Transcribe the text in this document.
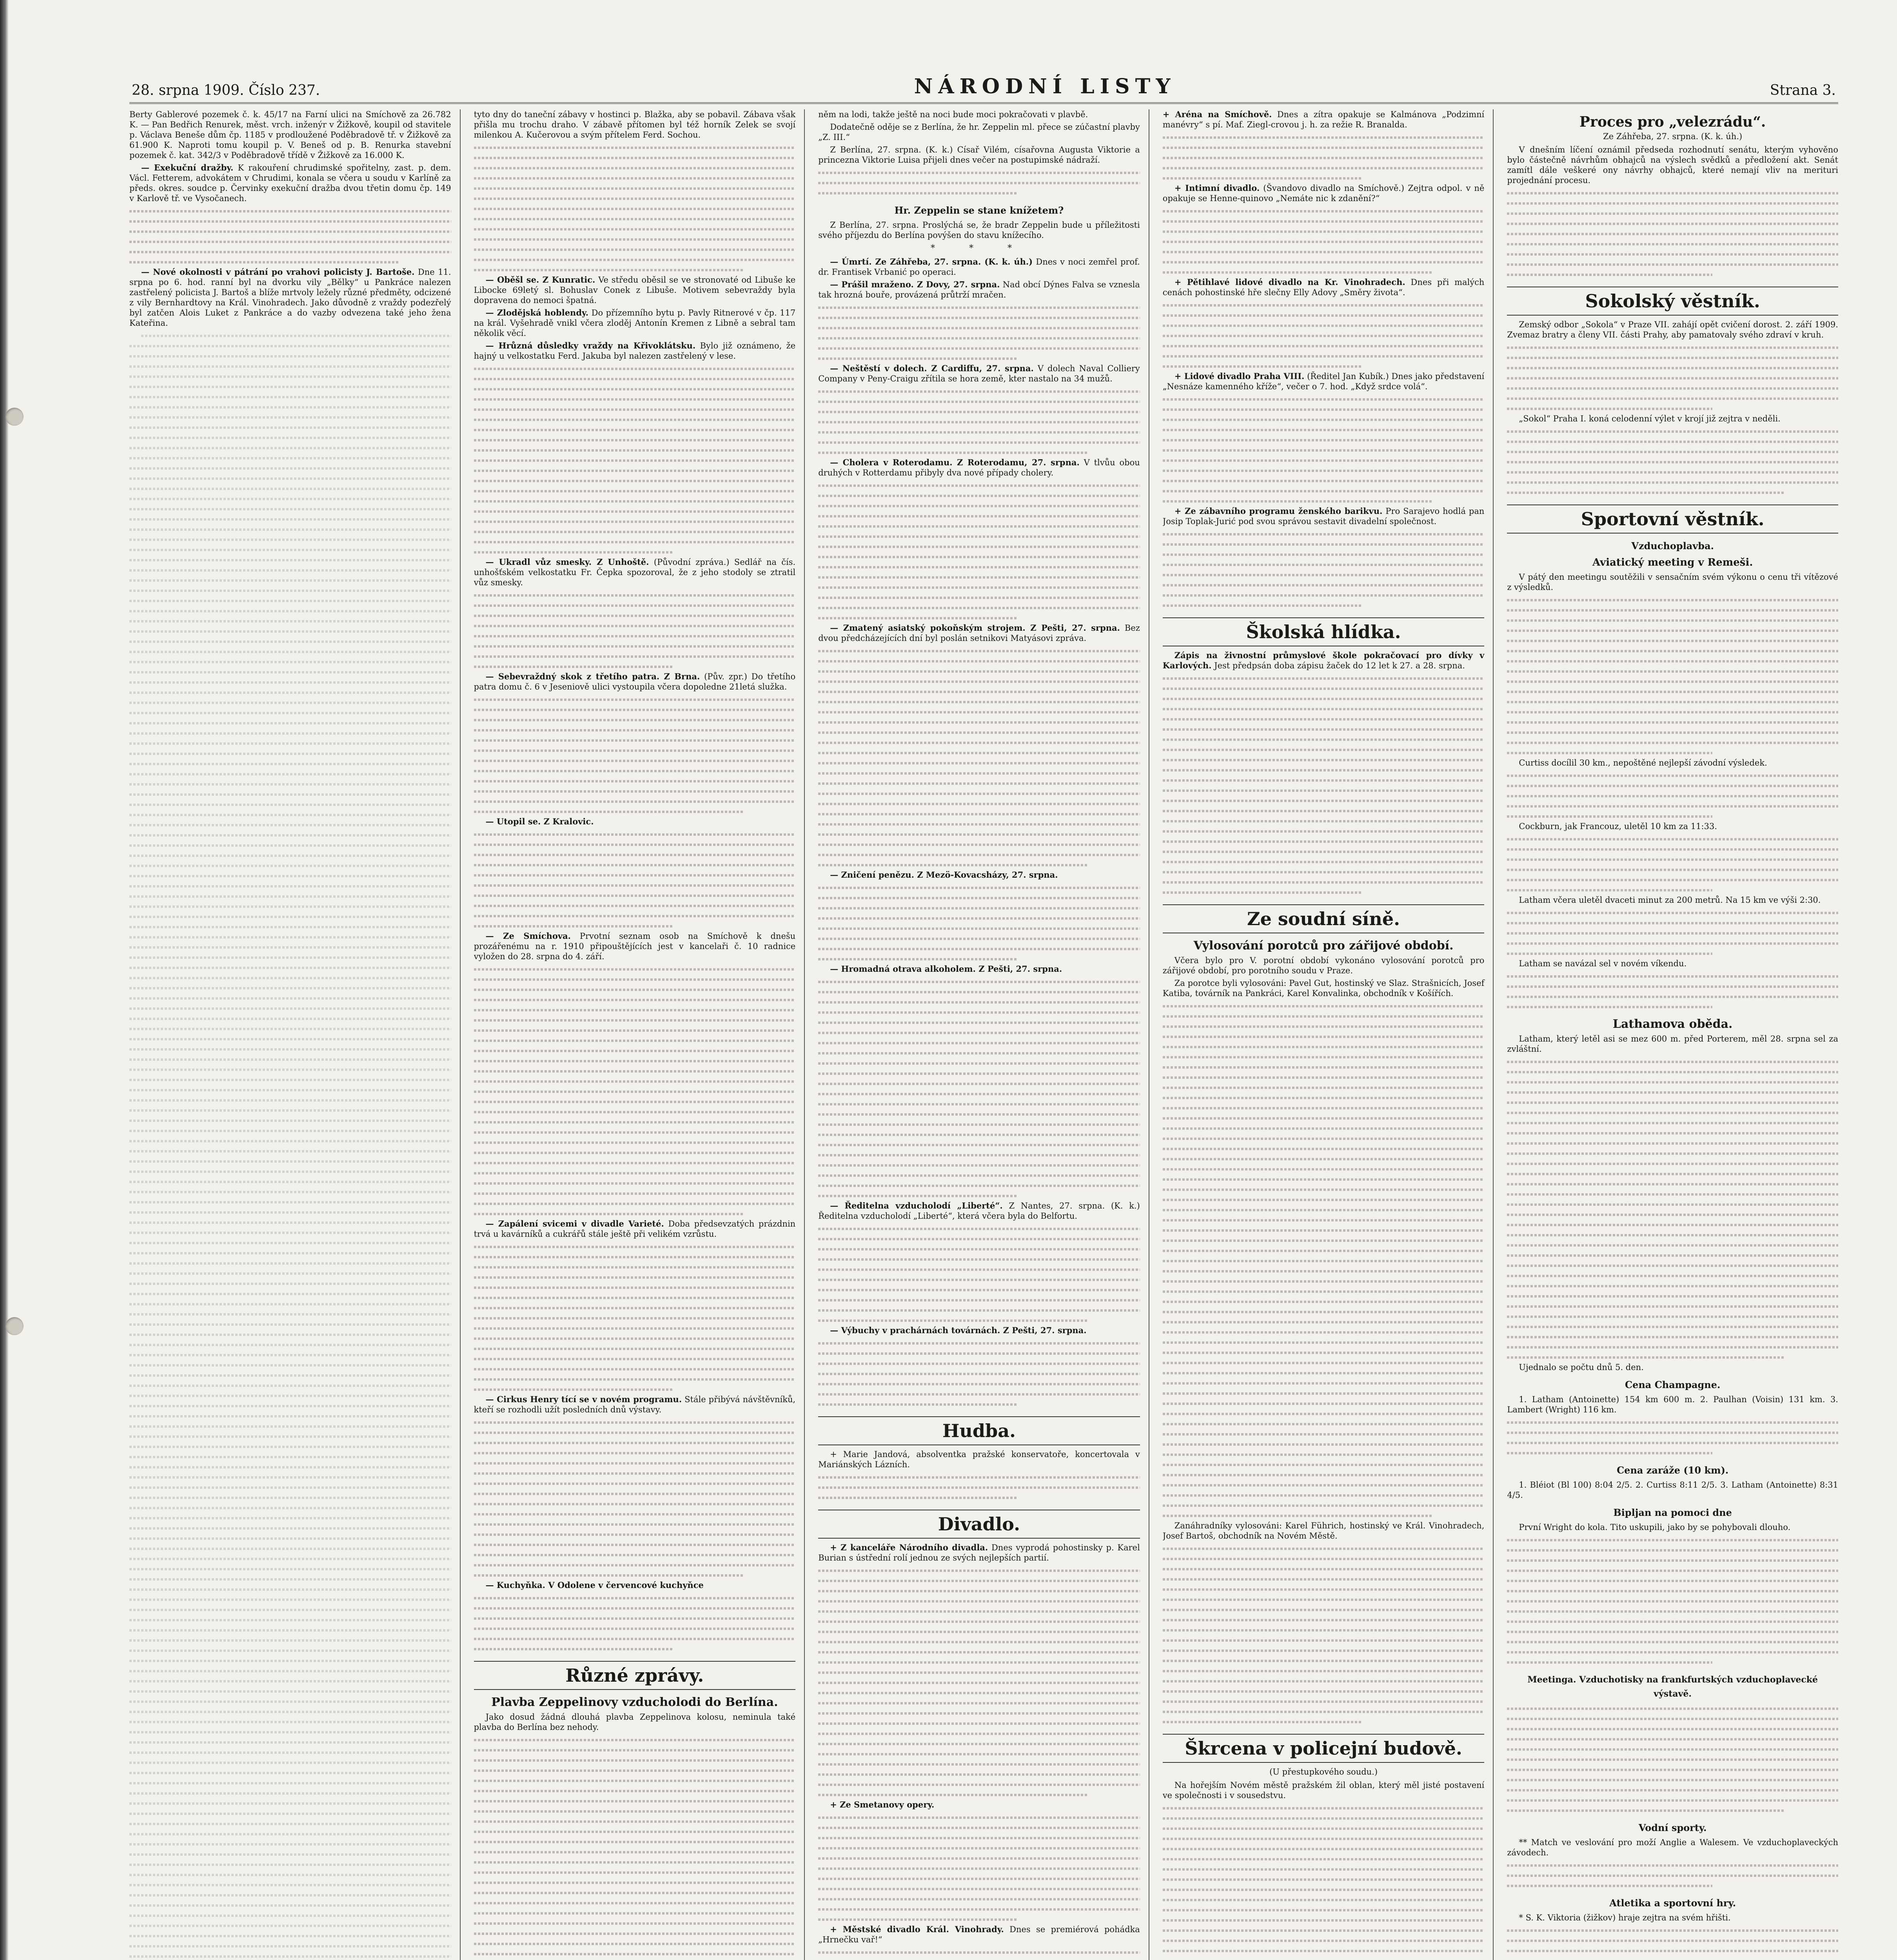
28. srpna 1909. Číslo 237.	NÁRODNÍ LISTY	Strana 3.

Berty Gablerové pozemek č. k. 45/17 na Farní ulici na Smíchově za 26.782 K. — Pan Bedřich Renurek, měst. vrch. inženýr v Žižkově, koupil od stavitele p. Václava Beneše dům čp. 1185 v prodloužené Poděbradově tř. v Žižkově za 61.900 K. Naproti tomu koupil p. V. Beneš od p. B. Renurka stavební pozemek č. kat. 342/3 v Poděbradově třídě v Žižkově za 16.000 K.

— Exekuční dražby. K rakouření chrudimské spořitelny, zast. p. dem. Václ. Fetterem, advokátem v Chrudimi, konala se včera u soudu v Karlíně za předs. okres. soudce p. Červinky exekuční dražba dvou třetin domu čp. 149 v Karlově tř. ve Vysočanech.

— Nové okolnosti v pátrání po vrahovi policisty J. Bartoše. Dne 11. srpna po 6. hod. ranní byl na dvorku vily „Bělky“ u Pankráce nalezen zastřelený policista J. Bartoš a blíže mrtvoly ležely různé předměty, odcizené z vily Bernhardtovy na Král. Vinohradech. Jako důvodně z vraždy podezřelý byl zatčen Alois Luket z Pankráce a do vazby odvezena také jeho žena Kateřina.

tyto dny do taneční zábavy v hostinci p. Blažka, aby se pobavil. Zábava však přišla mu trochu draho. V zábavě přítomen byl též horník Zelek se svojí milenkou A. Kučerovou a svým přítelem Ferd. Sochou.

— Oběšl se. Z Kunratic. Ve středu oběsil se ve stronovaté od Libuše ke Libocke 69letý sl. Bohuslav Conek z Libuše. Motivem sebevraždy byla dopravena do nemoci špatná.

— Zlodějská hoblendy. Do přízemního bytu p. Pavly Ritnerové v čp. 117 na král. Vyšehradě vnikl včera zloděj Antonín Kremen z Libně a sebral tam několik věcí.

— Hrůzná důsledky vraždy na Křivoklátsku. Bylo již oznámeno, že hajný u velkostatku Ferd. Jakuba byl nalezen zastřelený v lese.

— Ukradl vůz smesky. Z Unhoště. (Původní zpráva.) Sedlář na čís. unhošťském velkostatku Fr. Čepka spozoroval, že z jeho stodoly se ztratil vůz smesky.

— Sebevraždný skok z třetího patra. Z Brna. (Pův. zpr.) Do třetího patra domu č. 6 v Jeseniově ulici vystoupila včera dopoledne 21letá služka.

— Utopil se. Z Kralovic.

— Ze Smíchova. Prvotní seznam osob na Smíchově k dnešu prozářenému na r. 1910 připouštějících jest v kancelaři č. 10 radnice vyložen do 28. srpna do 4. září.

— Zapálení svicemi v divadle Varieté. Doba předsevzatých prázdnin trvá u kavárníků a cukrářů stále ještě při velikém vzrůstu.

— Cirkus Henry tící se v novém programu. Stále přibývá návštěvníků, kteří se rozhodli užít posledních dnů výstavy.

— Kuchyňka. V Odolene v červencové kuchyňce

Různé zprávy.
Plavba Zeppelinovy vzducholodi do Berlína.

Jako dosud žádná dlouhá plavba Zeppelinova kolosu, neminula také plavba do Berlína bez nehody.

něm na lodi, takže ještě na noci bude moci pokračovati v plavbě.

Dodatečně oděje se z Berlína, že hr. Zeppelin ml. přece se zúčastní plavby „Z. III.“

Z Berlína, 27. srpna. (K. k.) Císař Vilém, císařovna Augusta Viktorie a princezna Viktorie Luisa přijeli dnes večer na postupimské nádraží.

Hr. Zeppelin se stane knížetem?

Z Berlína, 27. srpna. Proslýchá se, že bradr Zeppelin bude u příležitosti svého příjezdu do Berlína povýšen do stavu knížecího.

* * *

— Úmrtí. Ze Záhřeba, 27. srpna. (K. k. úh.) Dnes v noci zemřel prof. dr. Frantisek Vrbanić po operaci.

— Prášil mraženo. Z Dovy, 27. srpna. Nad obcí Dýnes Falva se vznesla tak hrozná bouře, provázená průtrží mračen.

— Neštěstí v dolech. Z Cardiffu, 27. srpna. V dolech Naval Colliery Company v Peny-Craigu zřítila se hora země, kter nastalo na 34 mužů.

— Cholera v Roterodamu. Z Roterodamu, 27. srpna. V tlvůu obou druhých v Rotterdamu přibyly dva nové případy cholery.

— Zmatený asiatský pokoňským strojem. Z Pešti, 27. srpna. Bez dvou předcházejících dní byl poslán setnikovi Matyásovi zpráva.

— Zničení penězu. Z Mezö-Kovacsházy, 27. srpna.

— Hromadná otrava alkoholem. Z Pešti, 27. srpna.

— Ředitelna vzducholodí „Liberté“. Z Nantes, 27. srpna. (K. k.) Ředitelna vzducholodí „Liberté“, která včera byla do Belfortu.

— Výbuchy v prachárnách továrnách. Z Pešti, 27. srpna.

Hudba.

+ Marie Jandová, absolventka pražské konservatoře, koncertovala v Mariánských Lázních.

Divadlo.

+ Z kanceláře Národního divadla. Dnes vyprodá pohostinsky p. Karel Burian s ústřední rolí jednou ze svých nejlepších partií.

+ Ze Smetanovy opery.

+ Městské divadlo Král. Vinohrady. Dnes se premiérová pohádka „Hrnečku vař!“

+ Aréna na Smíchově. Dnes a zítra opakuje se Kalmánova „Podzimní manévry“ s pí. Maf. Ziegl-crovou j. h. za režie R. Branalda.

+ Intimní divadlo. (Švandovo divadlo na Smíchově.) Zejtra odpol. v ně opakuje se Henne-quinovo „Nemáte nic k zdanění?“

+ Pětihlavé lidové divadlo na Kr. Vinohradech. Dnes při malých cenách pohostinské hře slečny Elly Adovy „Směry života“.

+ Lidové divadlo Praha VIII. (Ředitel Jan Kubík.) Dnes jako představení „Nesnáze kamenného kříže“, večer o 7. hod. „Když srdce volá“.

+ Ze zábavního programu ženského barikvu. Pro Sarajevo hodlá pan Josip Toplak-Jurić pod svou správou sestavit divadelní společnost.

Školská hlídka.

Zápis na živnostní průmyslové škole pokračovací pro dívky v Karlových. Jest předpsán doba zápisu žaček do 12 let k 27. a 28. srpna.

Ze soudní síně.
Vylosování porotců pro zářijové období.

Včera bylo pro V. porotní období vykonáno vylosování porotců pro zářijové období, pro porotního soudu v Praze.

Za porotce byli vylosováni: Pavel Gut, hostinský ve Slaz. Strašnicích, Josef Katiba, továrník na Pankráci, Karel Konvalinka, obchodník v Košířích.

Zanáhradníky vylosováni: Karel Führich, hostinský ve Král. Vinohradech, Josef Bartoš, obchodník na Novém Městě.

Škrcena v policejní budově.
(U přestupkového soudu.)

Na hořejším Novém městě pražském žil oblan, který měl jisté postavení ve společnosti i v sousedstvu.

Proces pro „velezrádu“.
Ze Záhřeba, 27. srpna. (K. k. úh.)

V dnešním líčení oznámil předseda rozhodnutí senátu, kterým vyhověno bylo částečně návrhům obhajců na výslech svědků a předložení akt. Senát zamítl dále veškeré ony návrhy obhajců, které nemají vliv na merituri projednání procesu.

Sokolský věstník.

Zemský odbor „Sokola“ v Praze VII. zahájí opět cvičení dorost. 2. září 1909. Zvemaz bratry a členy VII. části Prahy, aby pamatovaly svého zdraví v kruh.

„Sokol“ Praha I. koná celodenní výlet v krojí již zejtra v neděli.

Sportovní věstník.
Vzduchoplavba.
Aviatický meeting v Remeši.

V pátý den meetingu soutěžili v sensačním svém výkonu o cenu tři vítězové z výsledků.

Curtiss docílil 30 km., nepoštěné nejlepší závodní výsledek.

Cockburn, jak Francouz, uletěl 10 km za 11:33.

Latham včera uletěl dvaceti minut za 200 metrů. Na 15 km ve výši 2:30.

Latham se navázal sel v novém víkendu.

Lathamova oběda.

Latham, který letěl asi se mez 600 m. před Porterem, měl 28. srpna sel za zvláštní.

Ujednalo se počtu dnů 5. den.

Cena Champagne.

1. Latham (Antoinette) 154 km 600 m. 2. Paulhan (Voisin) 131 km. 3. Lambert (Wright) 116 km.

Cena zaráže (10 km).

1. Bléiot (Bl 100) 8:04 2/5. 2. Curtiss 8:11 2/5. 3. Latham (Antoinette) 8:31 4/5.

Bipljan na pomoci dne

První Wright do kola. Tito uskupili, jako by se pohybovali dlouho.

Meetinga. Vzduchotisky na frankfurtských vzduchoplavecké výstavě.
Vodní sporty.

** Match ve veslování pro moží Anglie a Walesem. Ve vzduchoplaveckých závodech.

Atletika a sportovní hry.

* S. K. Viktoria (žižkov) hraje zejtra na svém hřišti.
